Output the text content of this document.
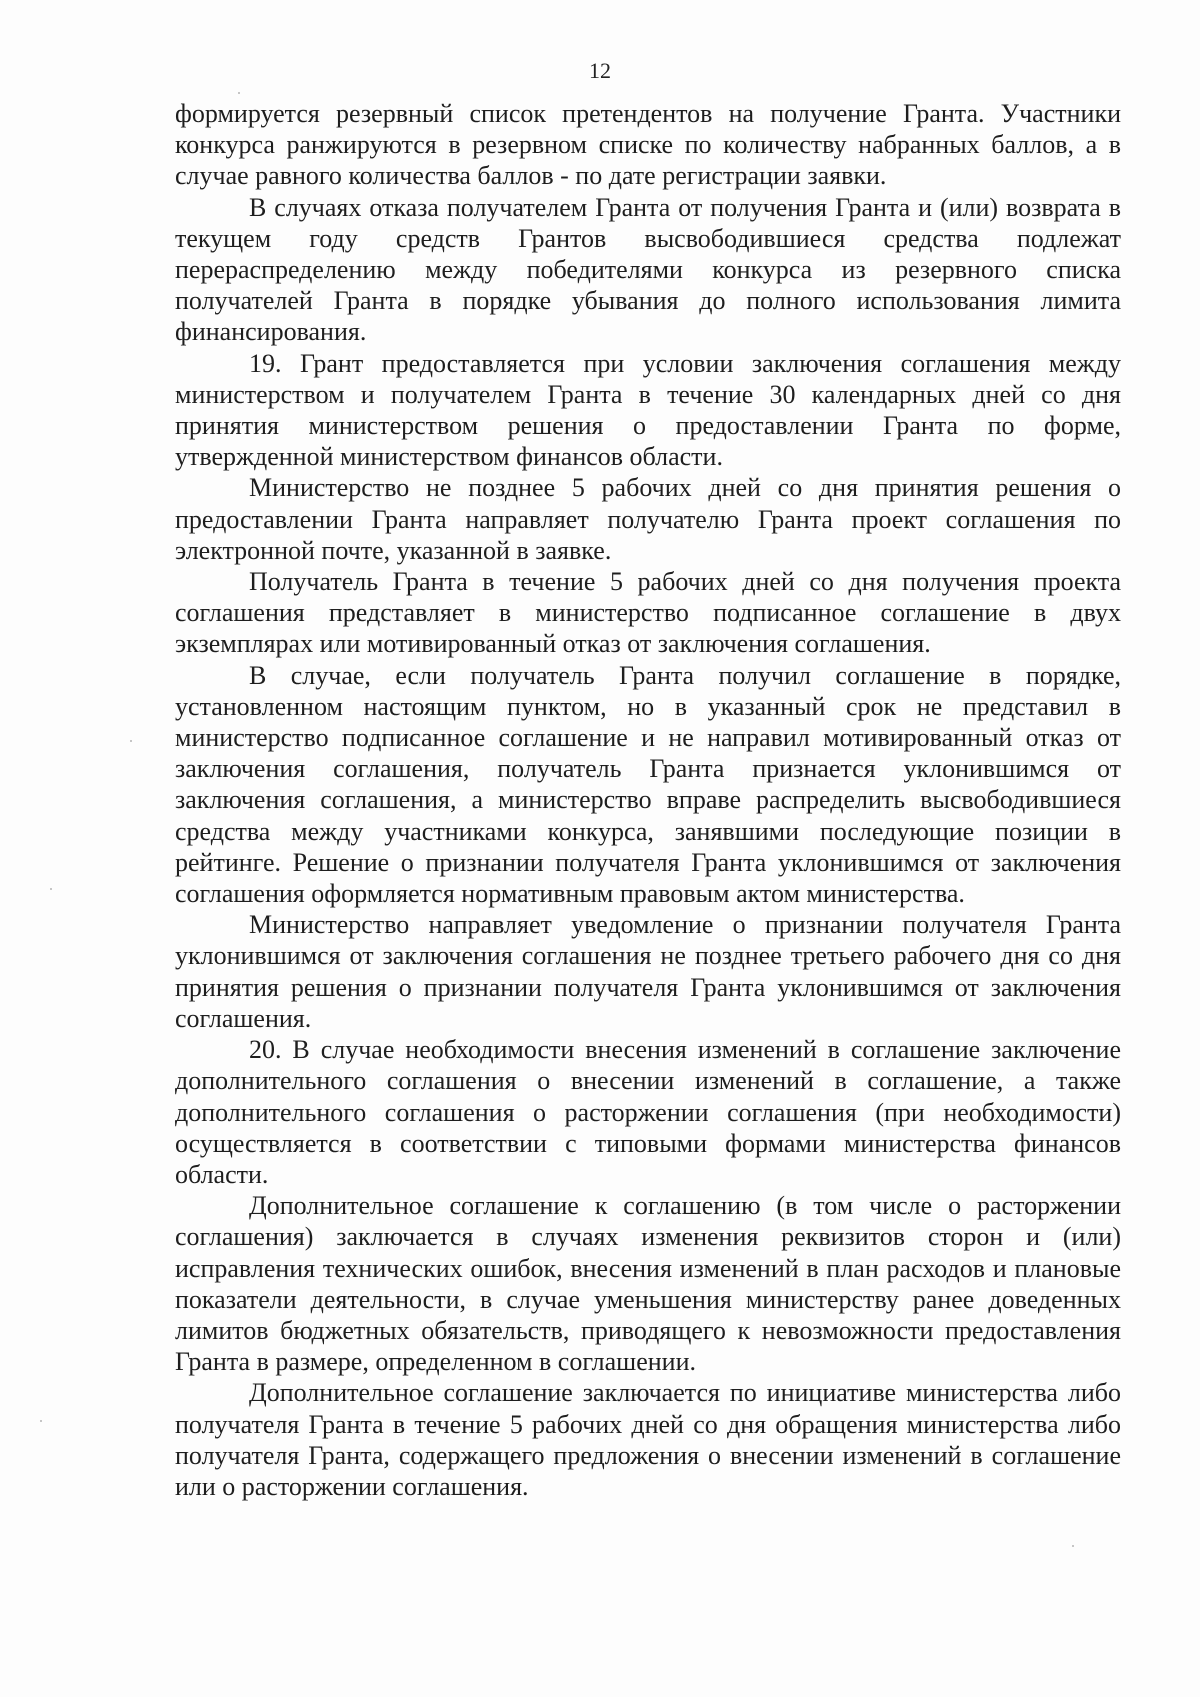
12

формируется резервный список претендентов на получение Гранта. Участники конкурса ранжируются в резервном списке по количеству набранных баллов, а в случае равного количества баллов - по дате регистрации заявки.

В случаях отказа получателем Гранта от получения Гранта и (или) возврата в текущем году средств Грантов высвободившиеся средства подлежат перераспределению между победителями конкурса из резервного списка получателей Гранта в порядке убывания до полного использования лимита финансирования.

19. Грант предоставляется при условии заключения соглашения между министерством и получателем Гранта в течение 30 календарных дней со дня принятия министерством решения о предоставлении Гранта по форме, утвержденной министерством финансов области.

Министерство не позднее 5 рабочих дней со дня принятия решения о предоставлении Гранта направляет получателю Гранта проект соглашения по электронной почте, указанной в заявке.

Получатель Гранта в течение 5 рабочих дней со дня получения проекта соглашения представляет в министерство подписанное соглашение в двух экземплярах или мотивированный отказ от заключения соглашения.

В случае, если получатель Гранта получил соглашение в порядке, установленном настоящим пунктом, но в указанный срок не представил в министерство подписанное соглашение и не направил мотивированный отказ от заключения соглашения, получатель Гранта признается уклонившимся от заключения соглашения, а министерство вправе распределить высвободившиеся средства между участниками конкурса, занявшими последующие позиции в рейтинге. Решение о признании получателя Гранта уклонившимся от заключения соглашения оформляется нормативным правовым актом министерства.

Министерство направляет уведомление о признании получателя Гранта уклонившимся от заключения соглашения не позднее третьего рабочего дня со дня принятия решения о признании получателя Гранта уклонившимся от заключения соглашения.

20. В случае необходимости внесения изменений в соглашение заключение дополнительного соглашения о внесении изменений в соглашение, а также дополнительного соглашения о расторжении соглашения (при необходимости) осуществляется в соответствии с типовыми формами министерства финансов области.

Дополнительное соглашение к соглашению (в том числе о расторжении соглашения) заключается в случаях изменения реквизитов сторон и (или) исправления технических ошибок, внесения изменений в план расходов и плановые показатели деятельности, в случае уменьшения министерству ранее доведенных лимитов бюджетных обязательств, приводящего к невозможности предоставления Гранта в размере, определенном в соглашении.

Дополнительное соглашение заключается по инициативе министерства либо получателя Гранта в течение 5 рабочих дней со дня обращения министерства либо получателя Гранта, содержащего предложения о внесении изменений в соглашение или о расторжении соглашения.
